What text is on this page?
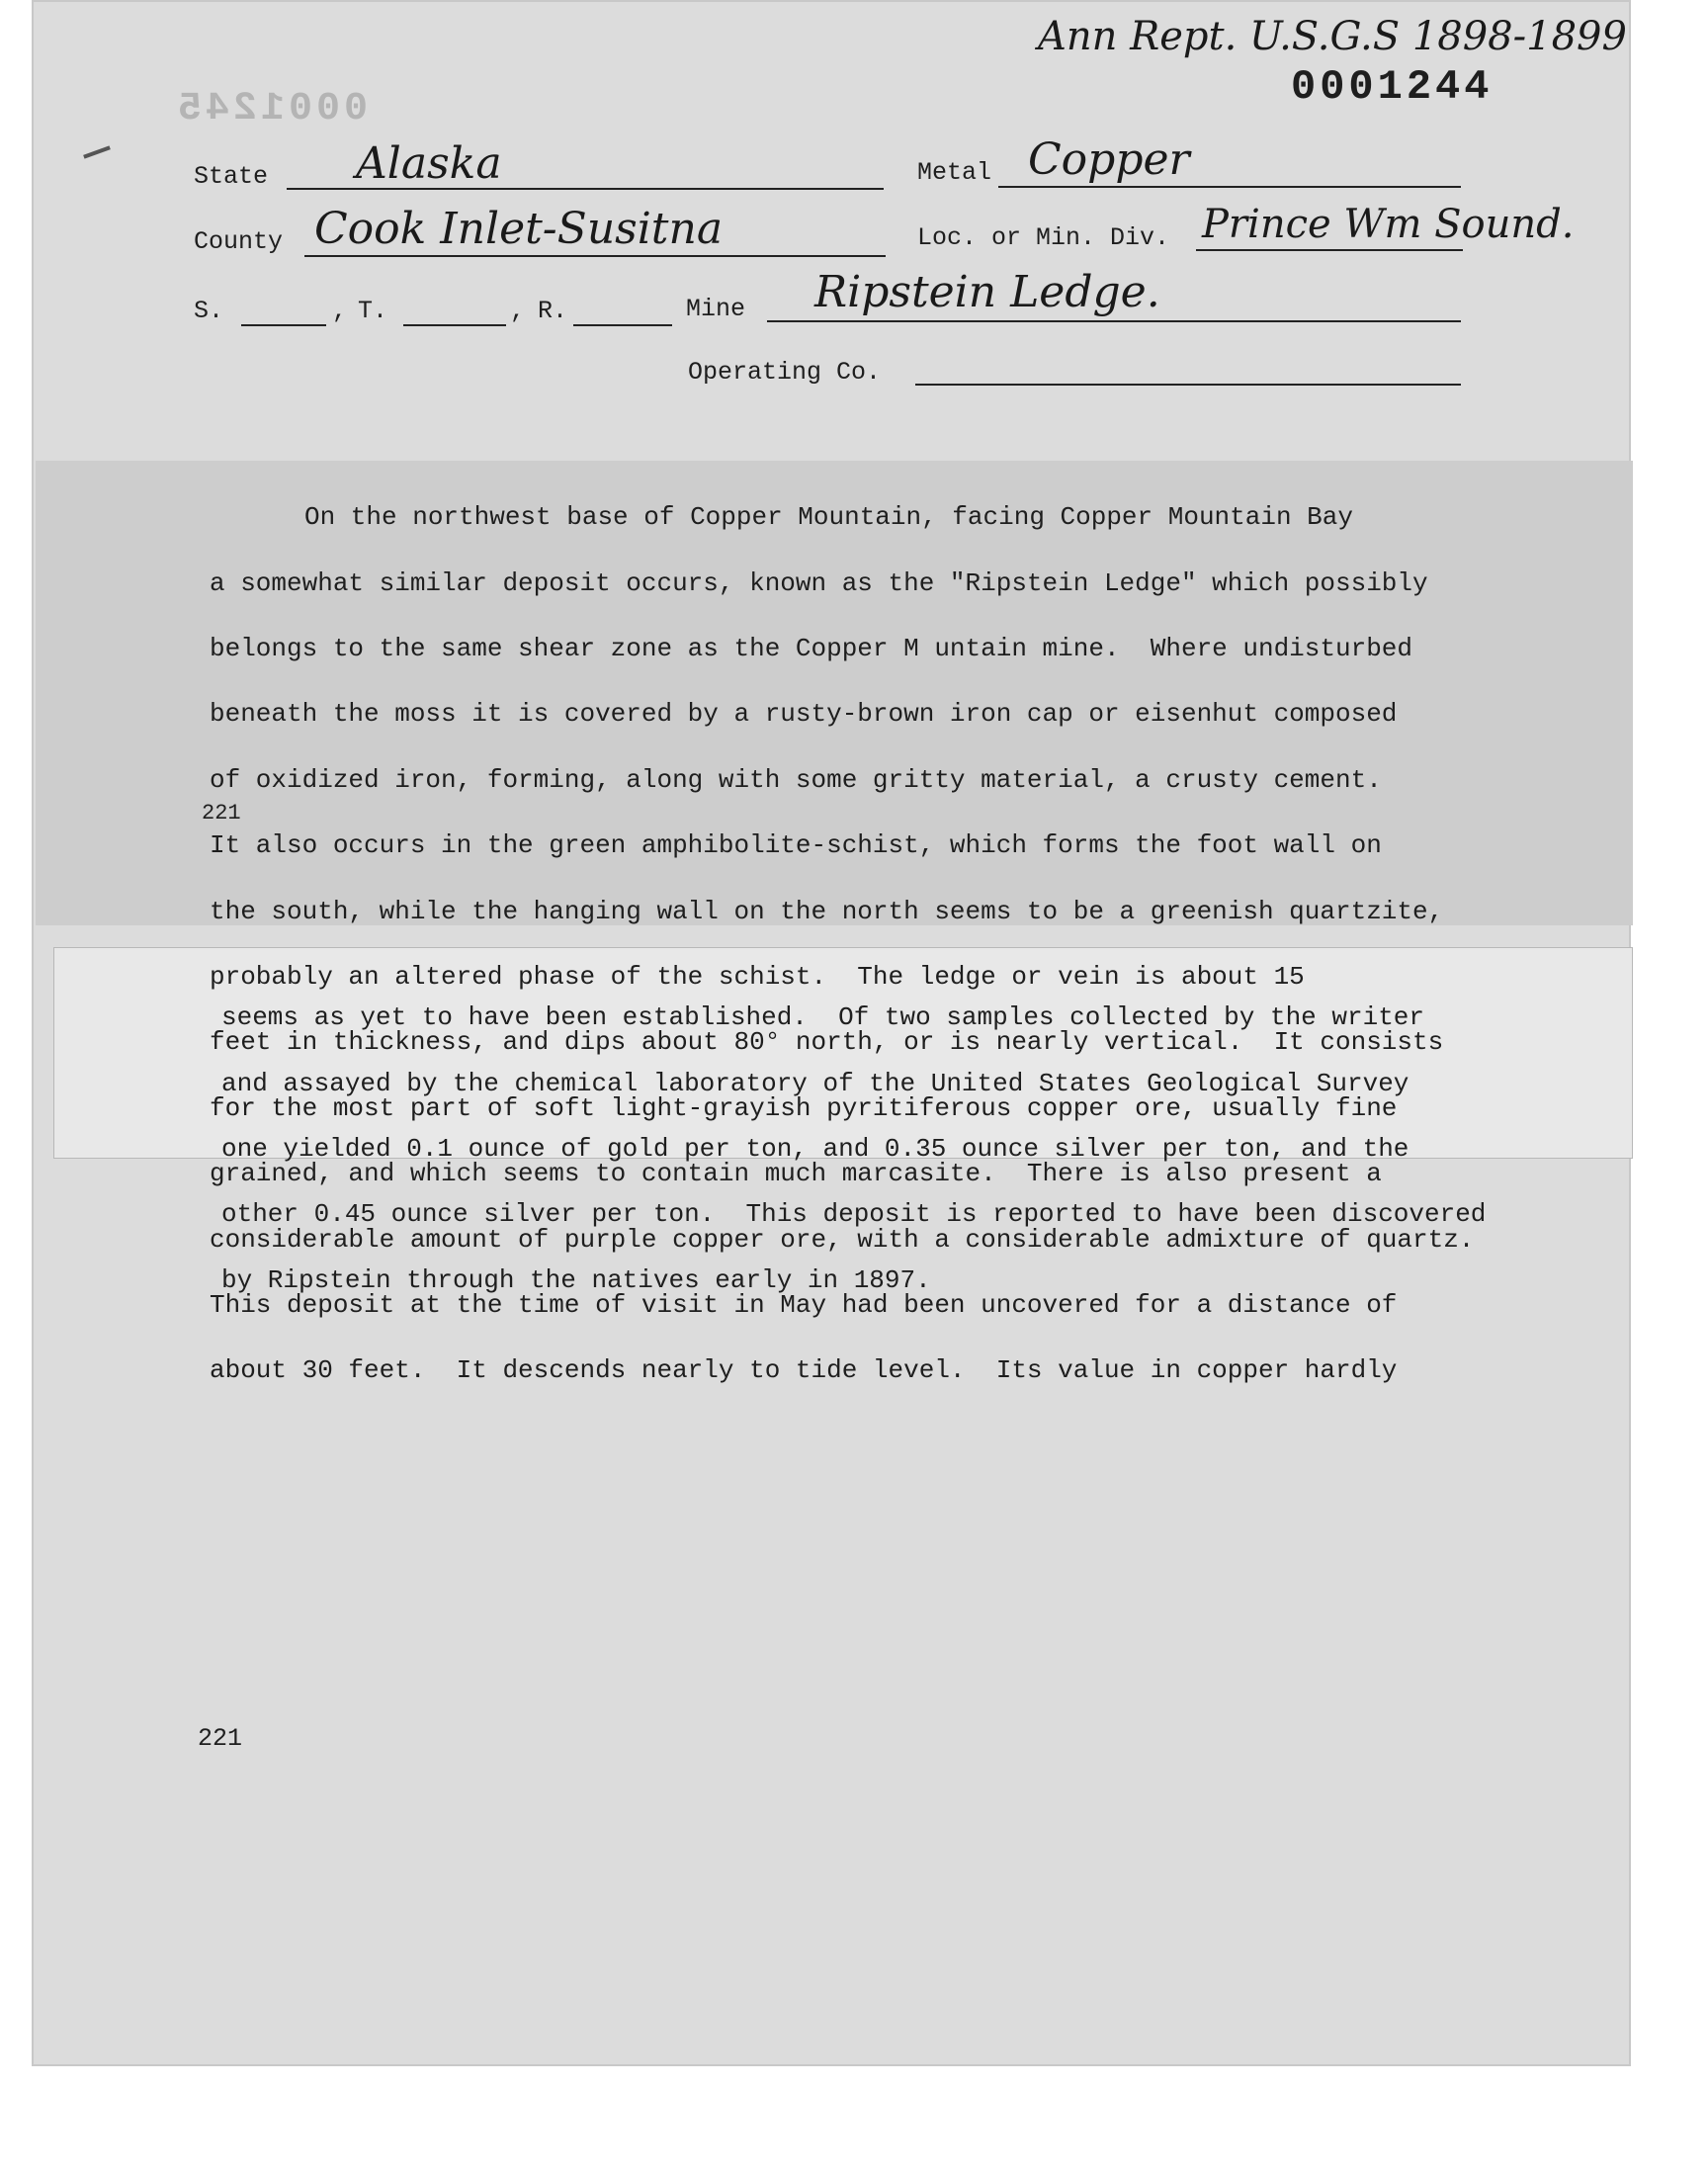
Ann Rept. U.S.G.S 1898-1899
0001244
0001245
State Alaska	Metal Copper
County Cook Inlet-Susitna	Loc. or Min. Div. Prince Wm Sound.
S.	, T.	, R.	Mine Ripstein Ledge.
Operating Co.

On the northwest base of Copper Mountain, facing Copper Mountain Bay

a somewhat similar deposit occurs, known as the "Ripstein Ledge" which possibly

belongs to the same shear zone as the Copper M untain mine.  Where undisturbed

beneath the moss it is covered by a rusty-brown iron cap or eisenhut composed

of oxidized iron, forming, along with some gritty material, a crusty cement.

It also occurs in the green amphibolite-schist, which forms the foot wall on

the south, while the hanging wall on the north seems to be a greenish quartzite,

probably an altered phase of the schist.  The ledge or vein is about 15

feet in thickness, and dips about 80° north, or is nearly vertical.  It consists

for the most part of soft light-grayish pyritiferous copper ore, usually fine

grained, and which seems to contain much marcasite.  There is also present a

considerable amount of purple copper ore, with a considerable admixture of quartz.

This deposit at the time of visit in May had been uncovered for a distance of

about 30 feet.  It descends nearly to tide level.  Its value in copper hardly

221

seems as yet to have been established.  Of two samples collected by the writer

and assayed by the chemical laboratory of the United States Geological Survey

one yielded 0.1 ounce of gold per ton, and 0.35 ounce silver per ton, and the

other 0.45 ounce silver per ton.  This deposit is reported to have been discovered

by Ripstein through the natives early in 1897.

221
